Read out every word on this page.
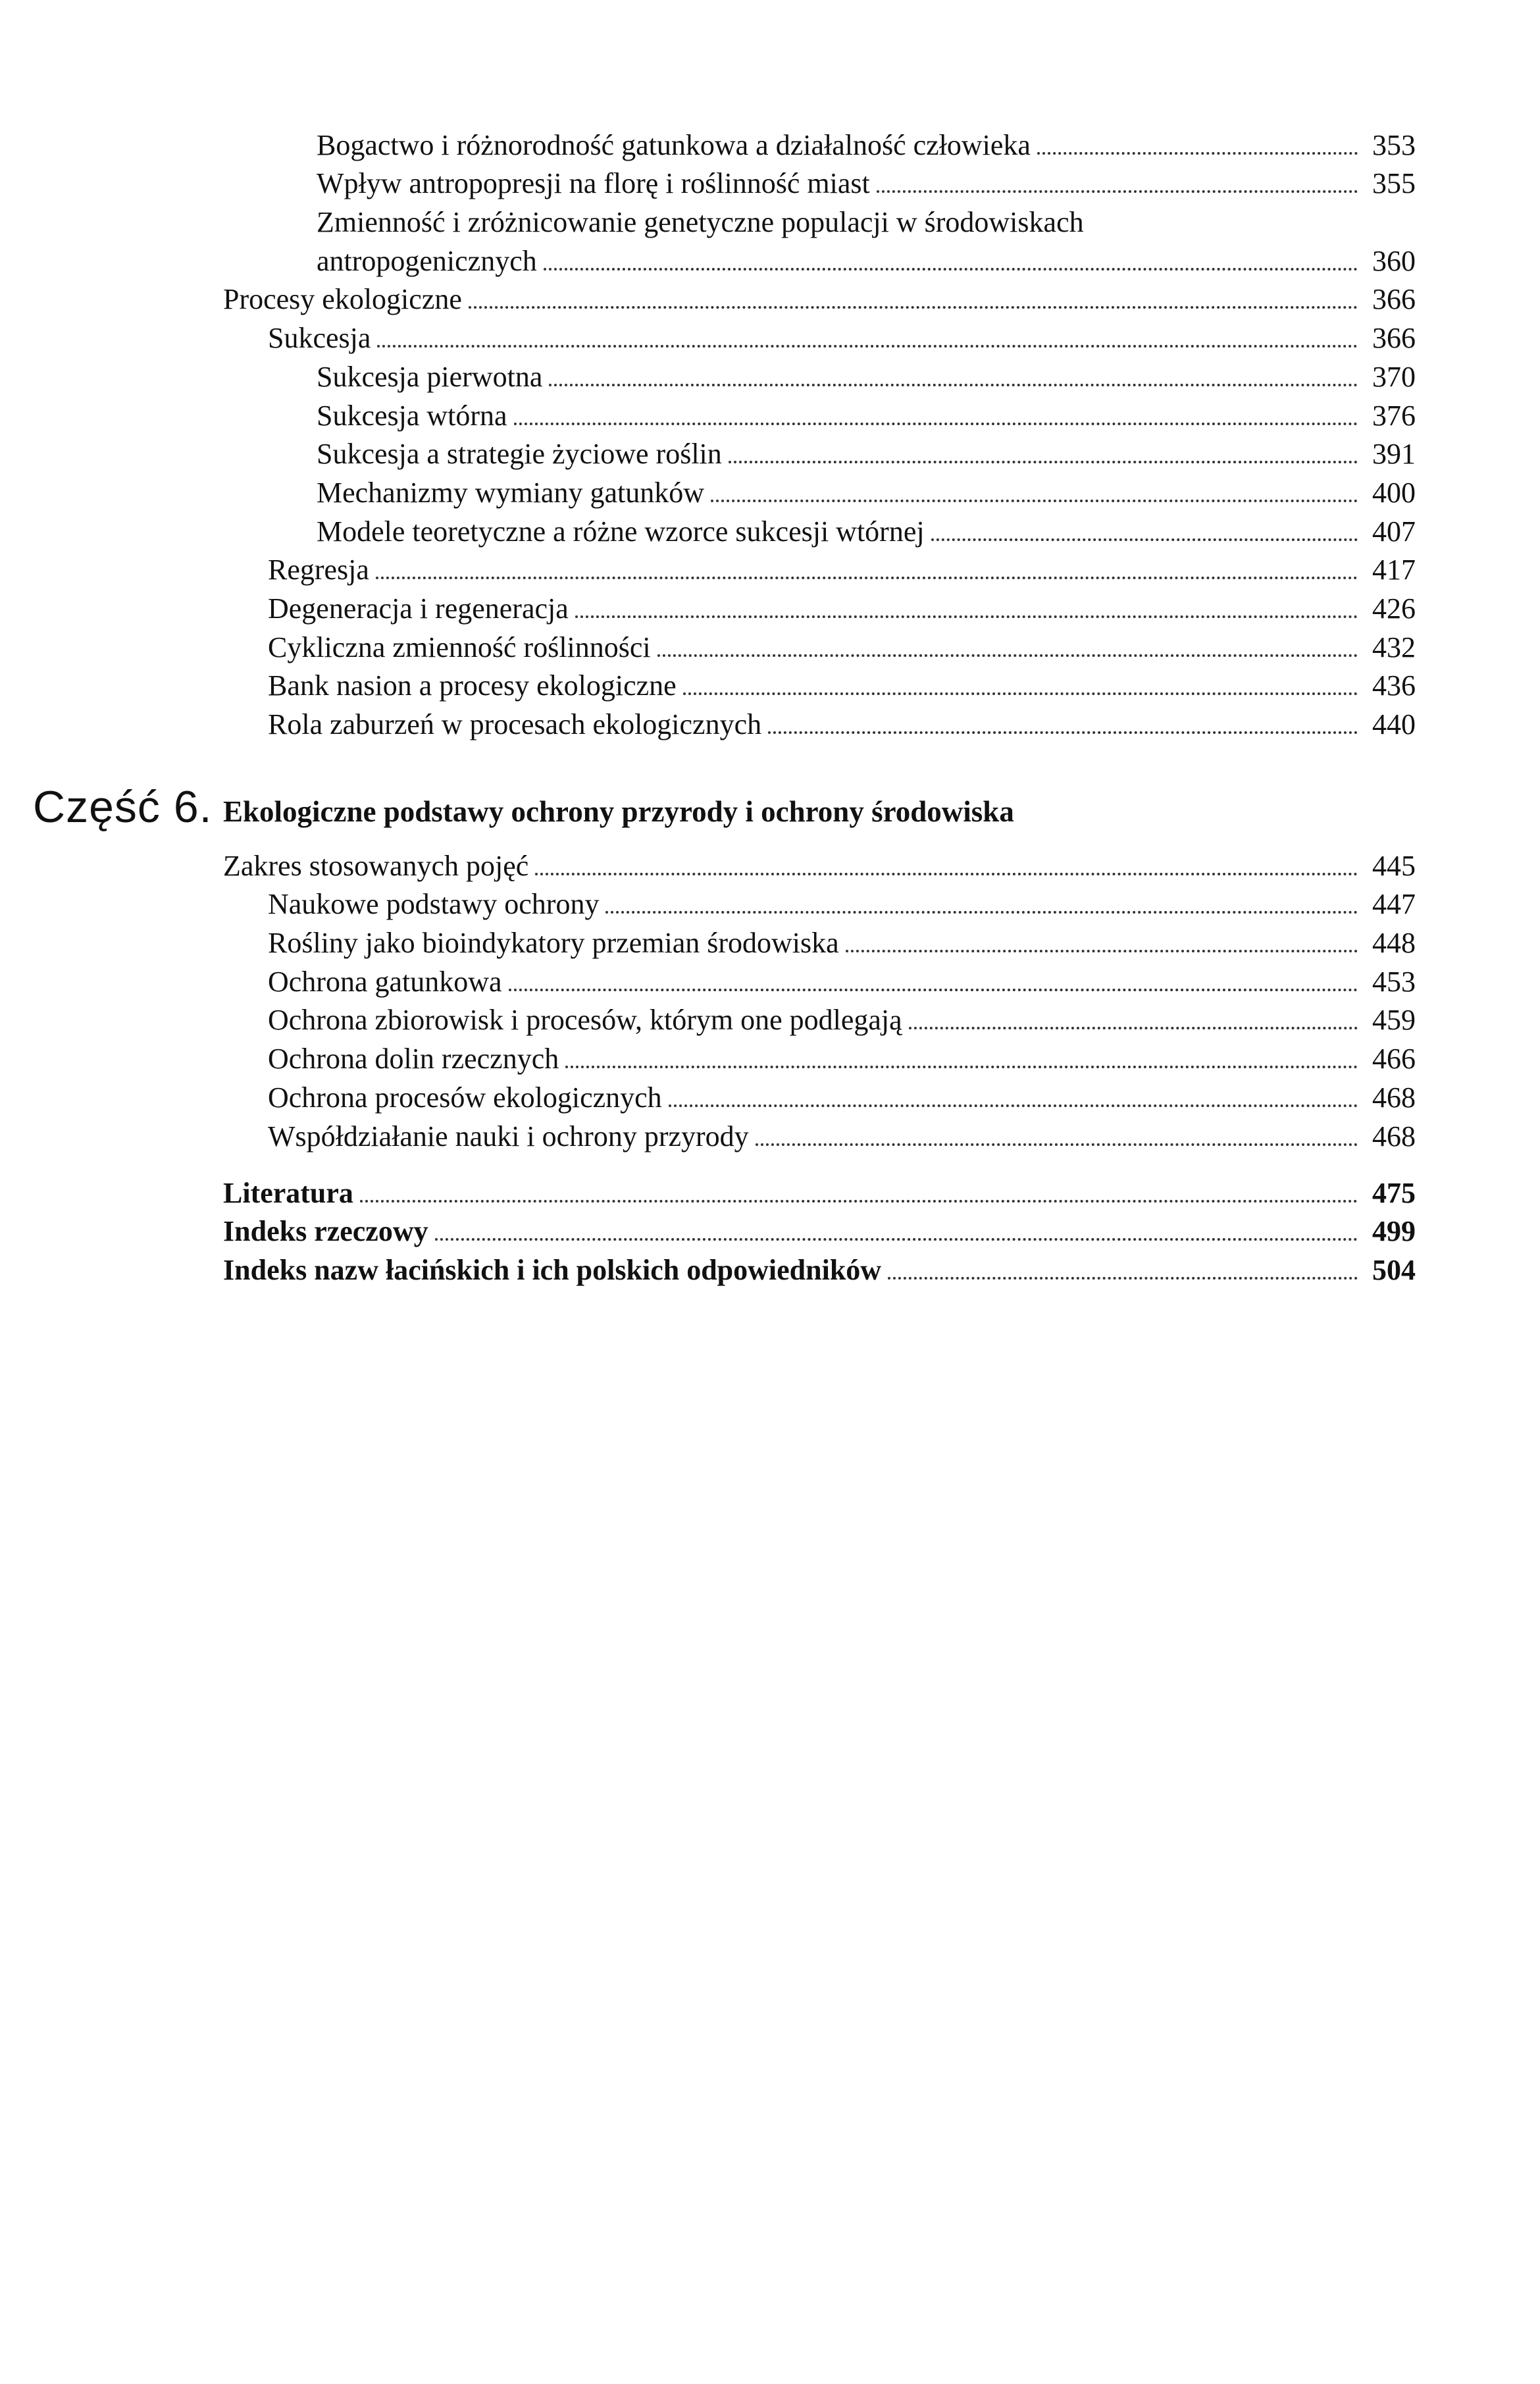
Bogactwo i różnorodność gatunkowa a działalność człowieka	353
Wpływ antropopresji na florę i roślinność miast	355
Zmienność i zróżnicowanie genetyczne populacji w środowiskach
antropogenicznych	360
Procesy ekologiczne	366
Sukcesja	366
Sukcesja pierwotna	370
Sukcesja wtórna	376
Sukcesja a strategie życiowe roślin	391
Mechanizmy wymiany gatunków	400
Modele teoretyczne a różne wzorce sukcesji wtórnej	407
Regresja	417
Degeneracja i regeneracja	426
Cykliczna zmienność roślinności	432
Bank nasion a procesy ekologiczne	436
Rola zaburzeń w procesach ekologicznych	440
Część 6. Ekologiczne podstawy ochrony przyrody i ochrony środowiska
Zakres stosowanych pojęć	445
Naukowe podstawy ochrony	447
Rośliny jako bioindykatory przemian środowiska	448
Ochrona gatunkowa	453
Ochrona zbiorowisk i procesów, którym one podlegają	459
Ochrona dolin rzecznych	466
Ochrona procesów ekologicznych	468
Współdziałanie nauki i ochrony przyrody	468
Literatura	475
Indeks rzeczowy	499
Indeks nazw łacińskich i ich polskich odpowiedników	504
